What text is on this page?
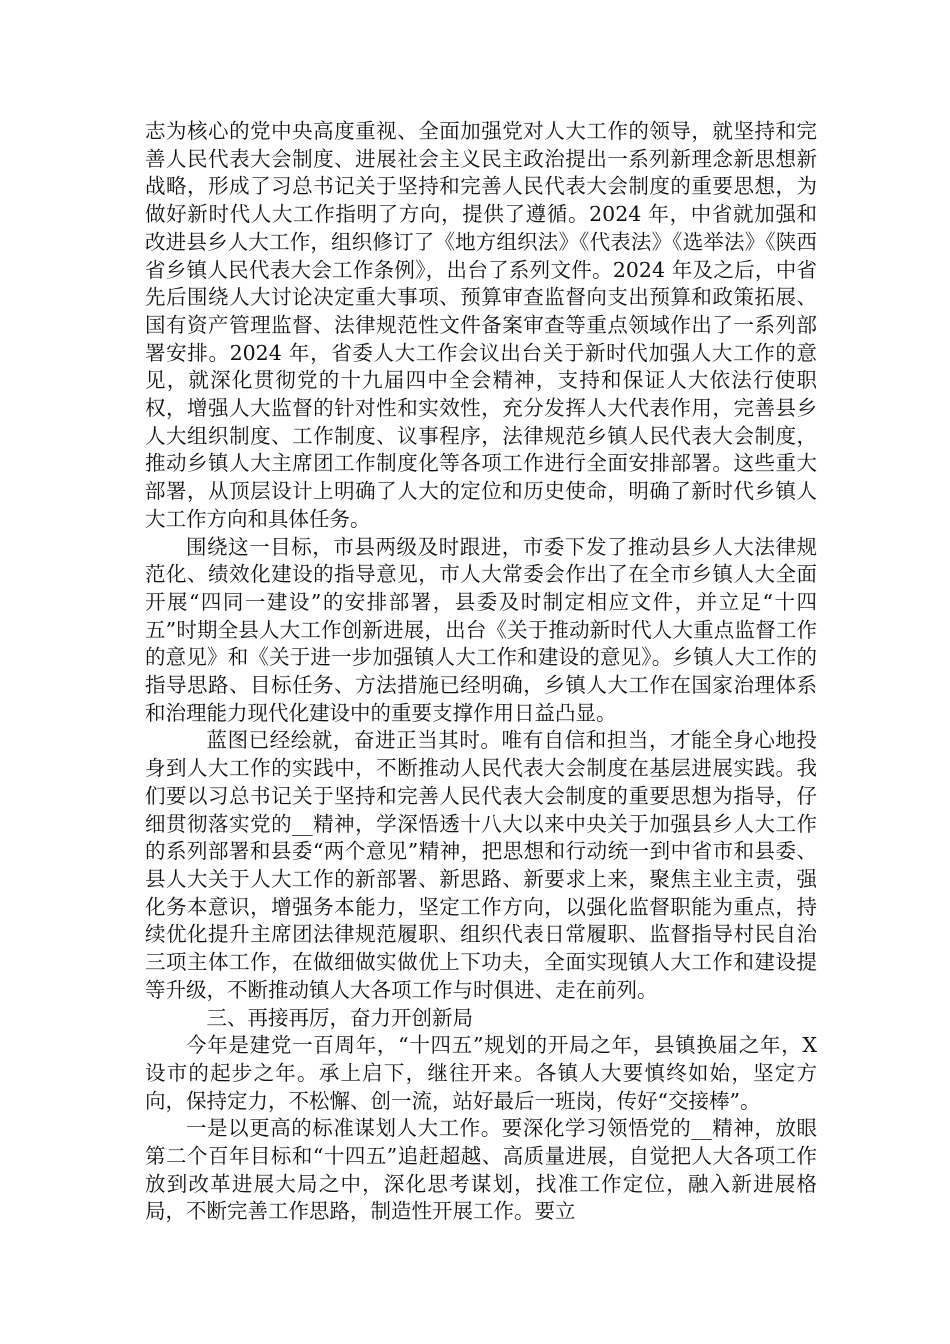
志为核心的党中央高度重视、全面加强党对人大工作的领导，就坚持和完善人民代表大会制度、进展社会主义民主政治提出一系列新理念新思想新战略，形成了习总书记关于坚持和完善人民代表大会制度的重要思想，为做好新时代人大工作指明了方向，提供了遵循。2024 年，中省就加强和改进县乡人大工作，组织修订了《地方组织法》《代表法》《选举法》《陕西省乡镇人民代表大会工作条例》，出台了系列文件。2024 年及之后，中省先后围绕人大讨论决定重大事项、预算审查监督向支出预算和政策拓展、国有资产管理监督、法律规范性文件备案审查等重点领域作出了一系列部署安排。2024 年，省委人大工作会议出台关于新时代加强人大工作的意见，就深化贯彻党的十九届四中全会精神，支持和保证人大依法行使职权，增强人大监督的针对性和实效性，充分发挥人大代表作用，完善县乡人大组织制度、工作制度、议事程序，法律规范乡镇人民代表大会制度，推动乡镇人大主席团工作制度化等各项工作进行全面安排部署。这些重大部署，从顶层设计上明确了人大的定位和历史使命，明确了新时代乡镇人大工作方向和具体任务。

围绕这一目标，市县两级及时跟进，市委下发了推动县乡人大法律规范化、绩效化建设的指导意见，市人大常委会作出了在全市乡镇人大全面开展“四同一建设”的安排部署，县委及时制定相应文件，并立足“十四五”时期全县人大工作创新进展，出台《关于推动新时代人大重点监督工作的意见》和《关于进一步加强镇人大工作和建设的意见》。乡镇人大工作的指导思路、目标任务、方法措施已经明确，乡镇人大工作在国家治理体系和治理能力现代化建设中的重要支撑作用日益凸显。

蓝图已经绘就，奋进正当其时。唯有自信和担当，才能全身心地投身到人大工作的实践中，不断推动人民代表大会制度在基层进展实践。我们要以习总书记关于坚持和完善人民代表大会制度的重要思想为指导，仔细贯彻落实党的__精神，学深悟透十八大以来中央关于加强县乡人大工作的系列部署和县委“两个意见”精神，把思想和行动统一到中省市和县委、县人大关于人大工作的新部署、新思路、新要求上来，聚焦主业主责，强化务本意识，增强务本能力，坚定工作方向，以强化监督职能为重点，持续优化提升主席团法律规范履职、组织代表日常履职、监督指导村民自治三项主体工作，在做细做实做优上下功夫，全面实现镇人大工作和建设提等升级，不断推动镇人大各项工作与时俱进、走在前列。

三、再接再厉，奋力开创新局

今年是建党一百周年，“十四五”规划的开局之年，县镇换届之年，X 设市的起步之年。承上启下，继往开来。各镇人大要慎终如始，坚定方向，保持定力，不松懈、创一流，站好最后一班岗，传好“交接棒”。

一是以更高的标准谋划人大工作。要深化学习领悟党的__精神，放眼第二个百年目标和“十四五”追赶超越、高质量进展，自觉把人大各项工作放到改革进展大局之中，深化思考谋划，找准工作定位，融入新进展格局，不断完善工作思路，制造性开展工作。要立
